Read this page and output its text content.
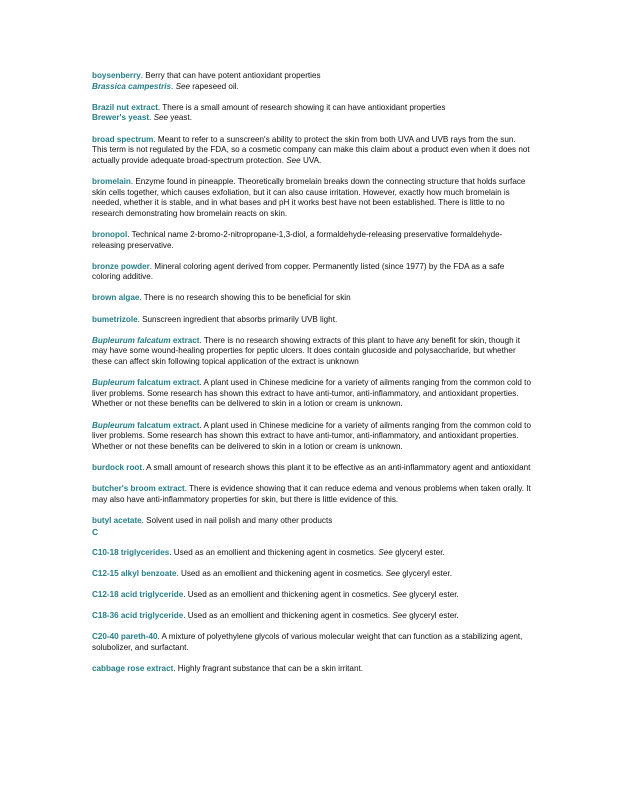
boysenberry. Berry that can have potent antioxidant properties
Brassica campestris. See rapeseed oil.
Brazil nut extract. There is a small amount of research showing it can have antioxidant properties
Brewer's yeast. See yeast.
broad spectrum. Meant to refer to a sunscreen's ability to protect the skin from both UVA and UVB rays from the sun. This term is not regulated by the FDA, so a cosmetic company can make this claim about a product even when it does not actually provide adequate broad-spectrum protection. See UVA.
bromelain. Enzyme found in pineapple. Theoretically bromelain breaks down the connecting structure that holds surface skin cells together, which causes exfoliation, but it can also cause irritation. However, exactly how much bromelain is needed, whether it is stable, and in what bases and pH it works best have not been established. There is little to no research demonstrating how bromelain reacts on skin.
bronopol. Technical name 2-bromo-2-nitropropane-1,3-diol, a formaldehyde-releasing preservative formaldehyde-releasing preservative.
bronze powder. Mineral coloring agent derived from copper. Permanently listed (since 1977) by the FDA as a safe coloring additive.
brown algae. There is no research showing this to be beneficial for skin
bumetrizole. Sunscreen ingredient that absorbs primarily UVB light.
Bupleurum falcatum extract. There is no research showing extracts of this plant to have any benefit for skin, though it may have some wound-healing properties for peptic ulcers. It does contain glucoside and polysaccharide, but whether these can affect skin following topical application of the extract is unknown
Bupleurum falcatum extract. A plant used in Chinese medicine for a variety of ailments ranging from the common cold to liver problems. Some research has shown this extract to have anti-tumor, anti-inflammatory, and antioxidant properties. Whether or not these benefits can be delivered to skin in a lotion or cream is unknown.
Bupleurum falcatum extract. A plant used in Chinese medicine for a variety of ailments ranging from the common cold to liver problems. Some research has shown this extract to have anti-tumor, anti-inflammatory, and antioxidant properties. Whether or not these benefits can be delivered to skin in a lotion or cream is unknown.
burdock root. A small amount of research shows this plant it to be effective as an anti-inflammatory agent and antioxidant
butcher's broom extract. There is evidence showing that it can reduce edema and venous problems when taken orally. It may also have anti-inflammatory properties for skin, but there is little evidence of this.
butyl acetate. Solvent used in nail polish and many other products
C
C10-18 triglycerides. Used as an emollient and thickening agent in cosmetics. See glyceryl ester.
C12-15 alkyl benzoate. Used as an emollient and thickening agent in cosmetics. See glyceryl ester.
C12-18 acid triglyceride. Used as an emollient and thickening agent in cosmetics. See glyceryl ester.
C18-36 acid triglyceride. Used as an emollient and thickening agent in cosmetics. See glyceryl ester.
C20-40 pareth-40. A mixture of polyethylene glycols of various molecular weight that can function as a stabilizing agent, solubolizer, and surfactant.
cabbage rose extract. Highly fragrant substance that can be a skin irritant.
